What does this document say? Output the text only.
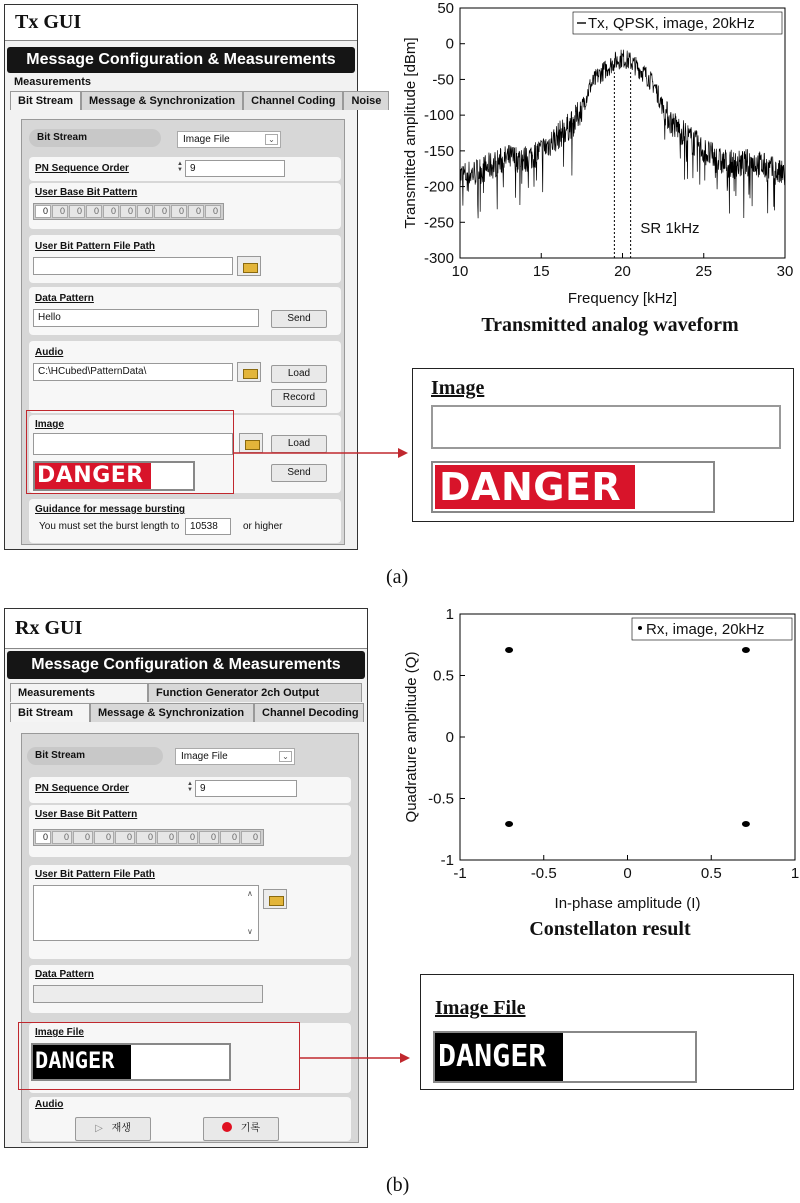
Tx GUI
Message Configuration & Measurements
Measurements
Bit Stream	Message & Synchronization	Channel Coding	Noise
Bit Stream	Image File	⌄
PN Sequence Order	▲
▼ 9
User Base Bit Pattern
0	0	0	0	0	0	0	0	0	0	0
User Bit Pattern File Path
Data Pattern
Hello	Send
Audio
C:\HCubed\PatternData\	Load
Record
Image
Load
Send
DANGER
Guidance for message bursting
You must set the burst length to	10538	or higher
Image
DANGER
(a)
Rx GUI
Message Configuration & Measurements
Measurements	Function Generator 2ch Output
Bit Stream	Message & Synchronization	Channel Decoding
Bit Stream	Image File	⌄
PN Sequence Order	▲
▼ 9
User Base Bit Pattern
0	0	0	0	0	0	0	0	0	0	0
User Bit Pattern File Path
∧
∨
Data Pattern
Image File
DANGER
Audio
▷ 재생	기록
Image File
DANGER
(b)
SR 1kHz
10	15	20	25	30
50
0
-50
-100
-150
-200
-250
-300
Frequency [kHz]
Transmitted amplitude [dBm]
Tx, QPSK, image, 20kHz
Transmitted analog waveform
-1	-0.5	0	0.5	1
1
0.5
0
-0.5
-1
In-phase amplitude (I)
Quadrature amplitude (Q)
Rx, image, 20kHz
Constellaton result
